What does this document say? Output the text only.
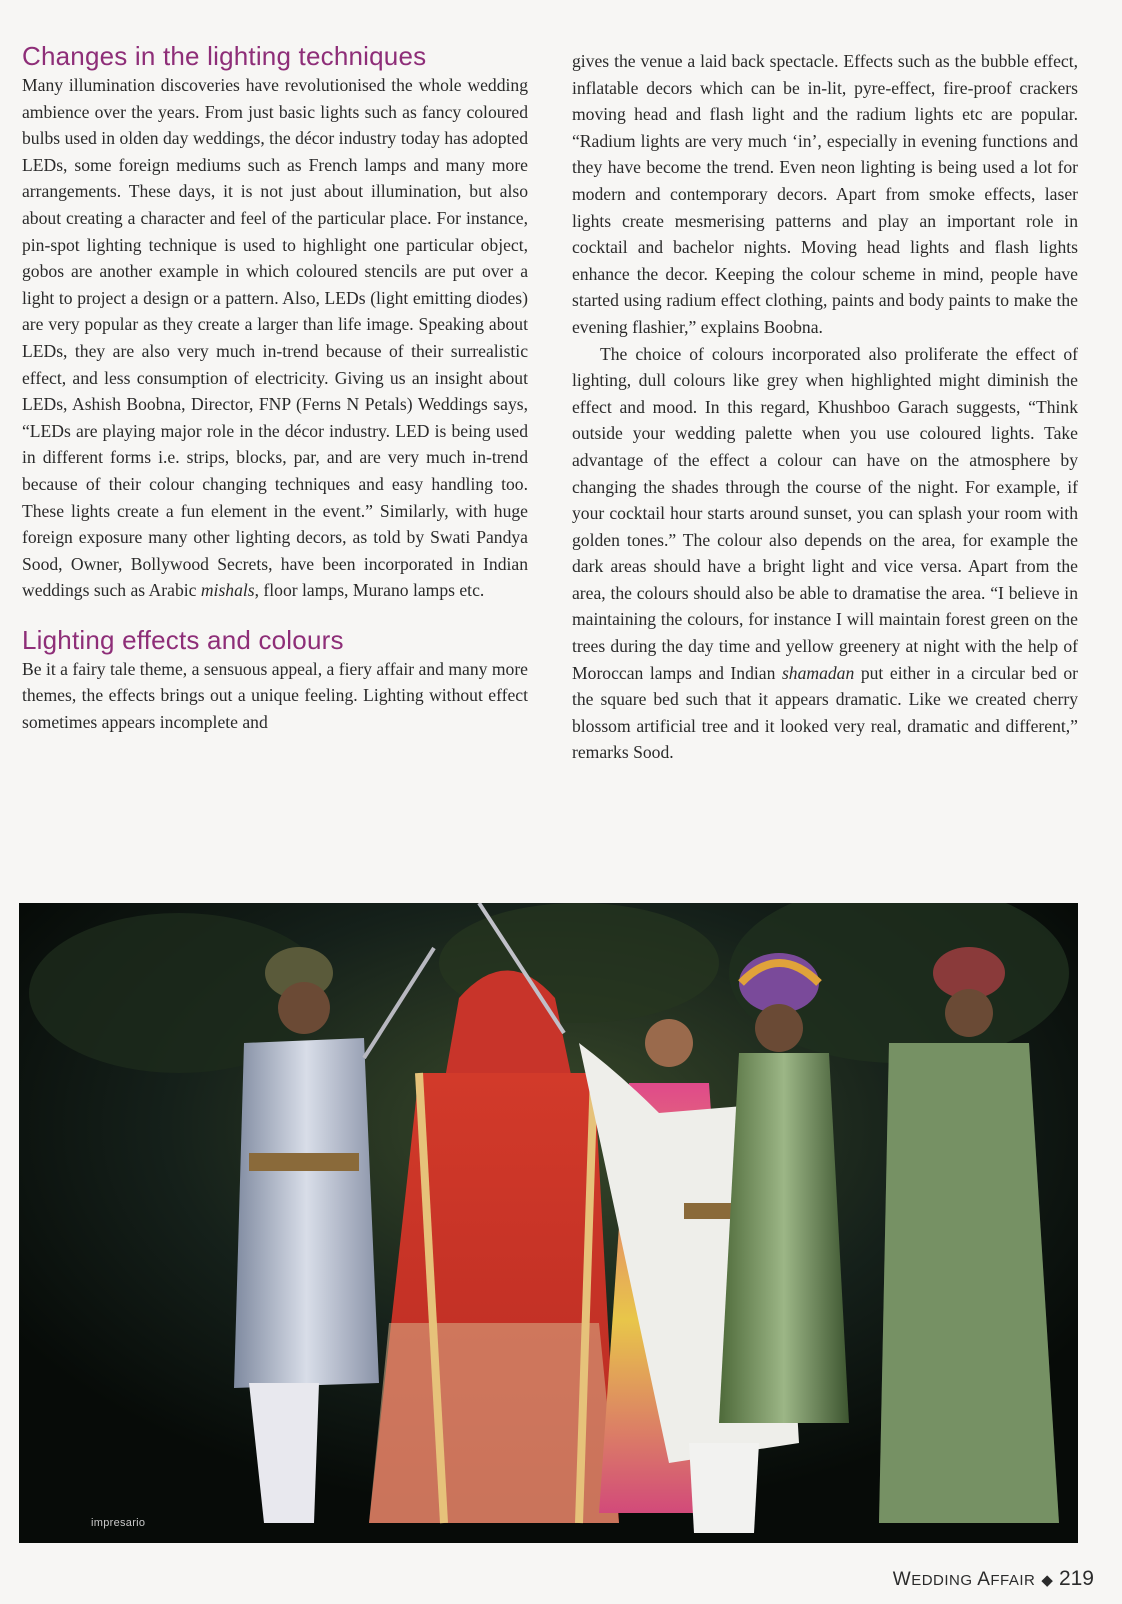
Changes in the lighting techniques

Many illumination discoveries have revolutionised the whole wedding ambience over the years. From just basic lights such as fancy coloured bulbs used in olden day weddings, the décor industry today has adopted LEDs, some foreign mediums such as French lamps and many more arrangements. These days, it is not just about illumination, but also about creating a character and feel of the particular place. For instance, pin-spot lighting technique is used to highlight one particular object, gobos are another example in which coloured stencils are put over a light to project a design or a pattern. Also, LEDs (light emitting diodes) are very popular as they create a larger than life image. Speaking about LEDs, they are also very much in-trend because of their surrealistic effect, and less consumption of electricity. Giving us an insight about LEDs, Ashish Boobna, Director, FNP (Ferns N Petals) Weddings says, “LEDs are playing major role in the décor industry. LED is being used in different forms i.e. strips, blocks, par, and are very much in-trend because of their colour changing techniques and easy handling too. These lights create a fun element in the event.” Similarly, with huge foreign exposure many other lighting decors, as told by Swati Pandya Sood, Owner, Bollywood Secrets, have been incorporated in Indian weddings such as Arabic mishals, floor lamps, Murano lamps etc.

Lighting effects and colours

Be it a fairy tale theme, a sensuous appeal, a fiery affair and many more themes, the effects brings out a unique feeling. Lighting without effect sometimes appears incomplete and

gives the venue a laid back spectacle. Effects such as the bubble effect, inflatable decors which can be in-lit, pyre-effect, fire-proof crackers moving head and flash light and the radium lights etc are popular. “Radium lights are very much ‘in’, especially in evening functions and they have become the trend. Even neon lighting is being used a lot for modern and contemporary decors. Apart from smoke effects, laser lights create mesmerising patterns and play an important role in cocktail and bachelor nights. Moving head lights and flash lights enhance the decor. Keeping the colour scheme in mind, people have started using radium effect clothing, paints and body paints to make the evening flashier,” explains Boobna.

The choice of colours incorporated also proliferate the effect of lighting, dull colours like grey when highlighted might diminish the effect and mood. In this regard, Khushboo Garach suggests, “Think outside your wedding palette when you use coloured lights. Take advantage of the effect a colour can have on the atmosphere by changing the shades through the course of the night. For example, if your cocktail hour starts around sunset, you can splash your room with golden tones.” The colour also depends on the area, for example the dark areas should have a bright light and vice versa. Apart from the area, the colours should also be able to dramatise the area. “I believe in maintaining the colours, for instance I will maintain forest green on the trees during the day time and yellow greenery at night with the help of Moroccan lamps and Indian shamadan put either in a circular bed or the square bed such that it appears dramatic. Like we created cherry blossom artificial tree and it looked very real, dramatic and different,” remarks Sood.

impresario
WEDDING AFFAIR ◆ 219
